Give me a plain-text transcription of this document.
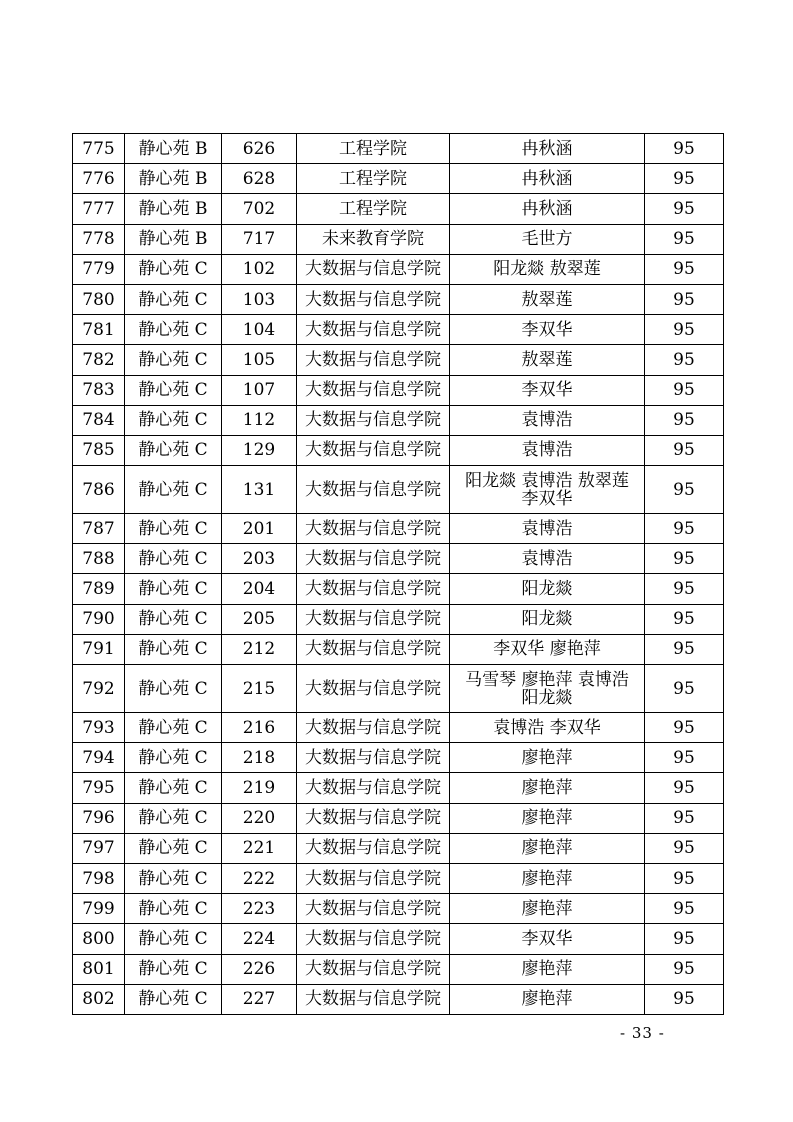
775	静心苑 B	626	工程学院	冉秋涵	95
776	静心苑 B	628	工程学院	冉秋涵	95
777	静心苑 B	702	工程学院	冉秋涵	95
778	静心苑 B	717	未来教育学院	毛世方	95
779	静心苑 C	102	大数据与信息学院	阳龙燚 敖翠莲	95
780	静心苑 C	103	大数据与信息学院	敖翠莲	95
781	静心苑 C	104	大数据与信息学院	李双华	95
782	静心苑 C	105	大数据与信息学院	敖翠莲	95
783	静心苑 C	107	大数据与信息学院	李双华	95
784	静心苑 C	112	大数据与信息学院	袁博浩	95
785	静心苑 C	129	大数据与信息学院	袁博浩	95
786	静心苑 C	131	大数据与信息学院	阳龙燚 袁博浩 敖翠莲
李双华	95
787	静心苑 C	201	大数据与信息学院	袁博浩	95
788	静心苑 C	203	大数据与信息学院	袁博浩	95
789	静心苑 C	204	大数据与信息学院	阳龙燚	95
790	静心苑 C	205	大数据与信息学院	阳龙燚	95
791	静心苑 C	212	大数据与信息学院	李双华 廖艳萍	95
792	静心苑 C	215	大数据与信息学院	马雪琴 廖艳萍 袁博浩
阳龙燚	95
793	静心苑 C	216	大数据与信息学院	袁博浩 李双华	95
794	静心苑 C	218	大数据与信息学院	廖艳萍	95
795	静心苑 C	219	大数据与信息学院	廖艳萍	95
796	静心苑 C	220	大数据与信息学院	廖艳萍	95
797	静心苑 C	221	大数据与信息学院	廖艳萍	95
798	静心苑 C	222	大数据与信息学院	廖艳萍	95
799	静心苑 C	223	大数据与信息学院	廖艳萍	95
800	静心苑 C	224	大数据与信息学院	李双华	95
801	静心苑 C	226	大数据与信息学院	廖艳萍	95
802	静心苑 C	227	大数据与信息学院	廖艳萍	95
- 33 -
